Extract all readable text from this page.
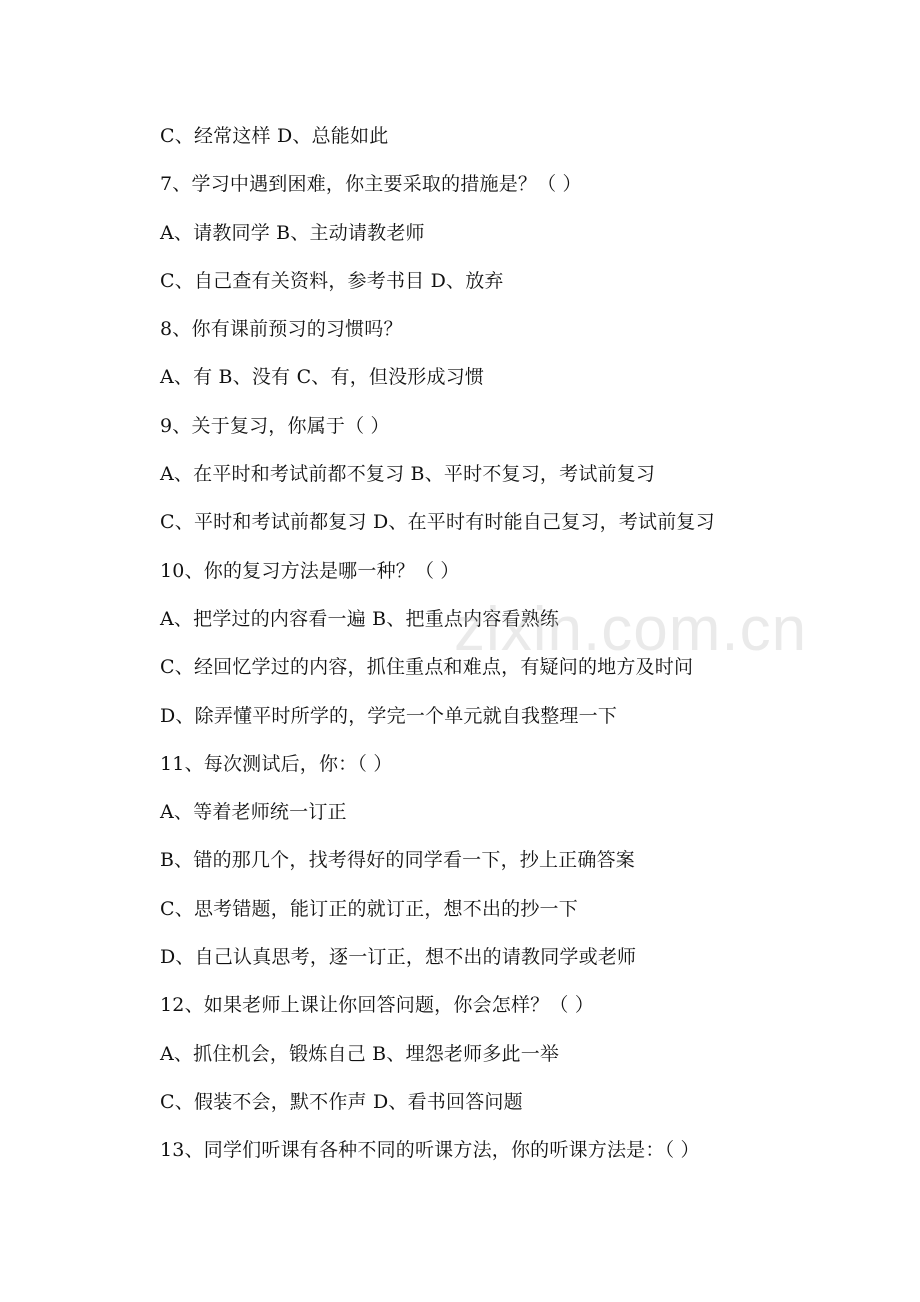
C、经常这样 D、总能如此
7、学习中遇到困难，你主要采取的措施是？（ ）
A、请教同学 B、主动请教老师
C、自己查有关资料，参考书目 D、放弃
8、你有课前预习的习惯吗？
A、有 B、没有 C、有，但没形成习惯
9、关于复习，你属于（ ）
A、在平时和考试前都不复习 B、平时不复习，考试前复习
C、平时和考试前都复习 D、在平时有时能自己复习，考试前复习
10、你的复习方法是哪一种？（ ）
A、把学过的内容看一遍 B、把重点内容看熟练
C、经回忆学过的内容，抓住重点和难点，有疑问的地方及时问
D、除弄懂平时所学的，学完一个单元就自我整理一下
11、每次测试后，你：（ ）
A、等着老师统一订正
B、错的那几个，找考得好的同学看一下，抄上正确答案
C、思考错题，能订正的就订正，想不出的抄一下
D、自己认真思考，逐一订正，想不出的请教同学或老师
12、如果老师上课让你回答问题，你会怎样？（ ）
A、抓住机会，锻炼自己 B、埋怨老师多此一举
C、假装不会，默不作声 D、看书回答问题
13、同学们听课有各种不同的听课方法，你的听课方法是：（ ）
zixin.com.cn
